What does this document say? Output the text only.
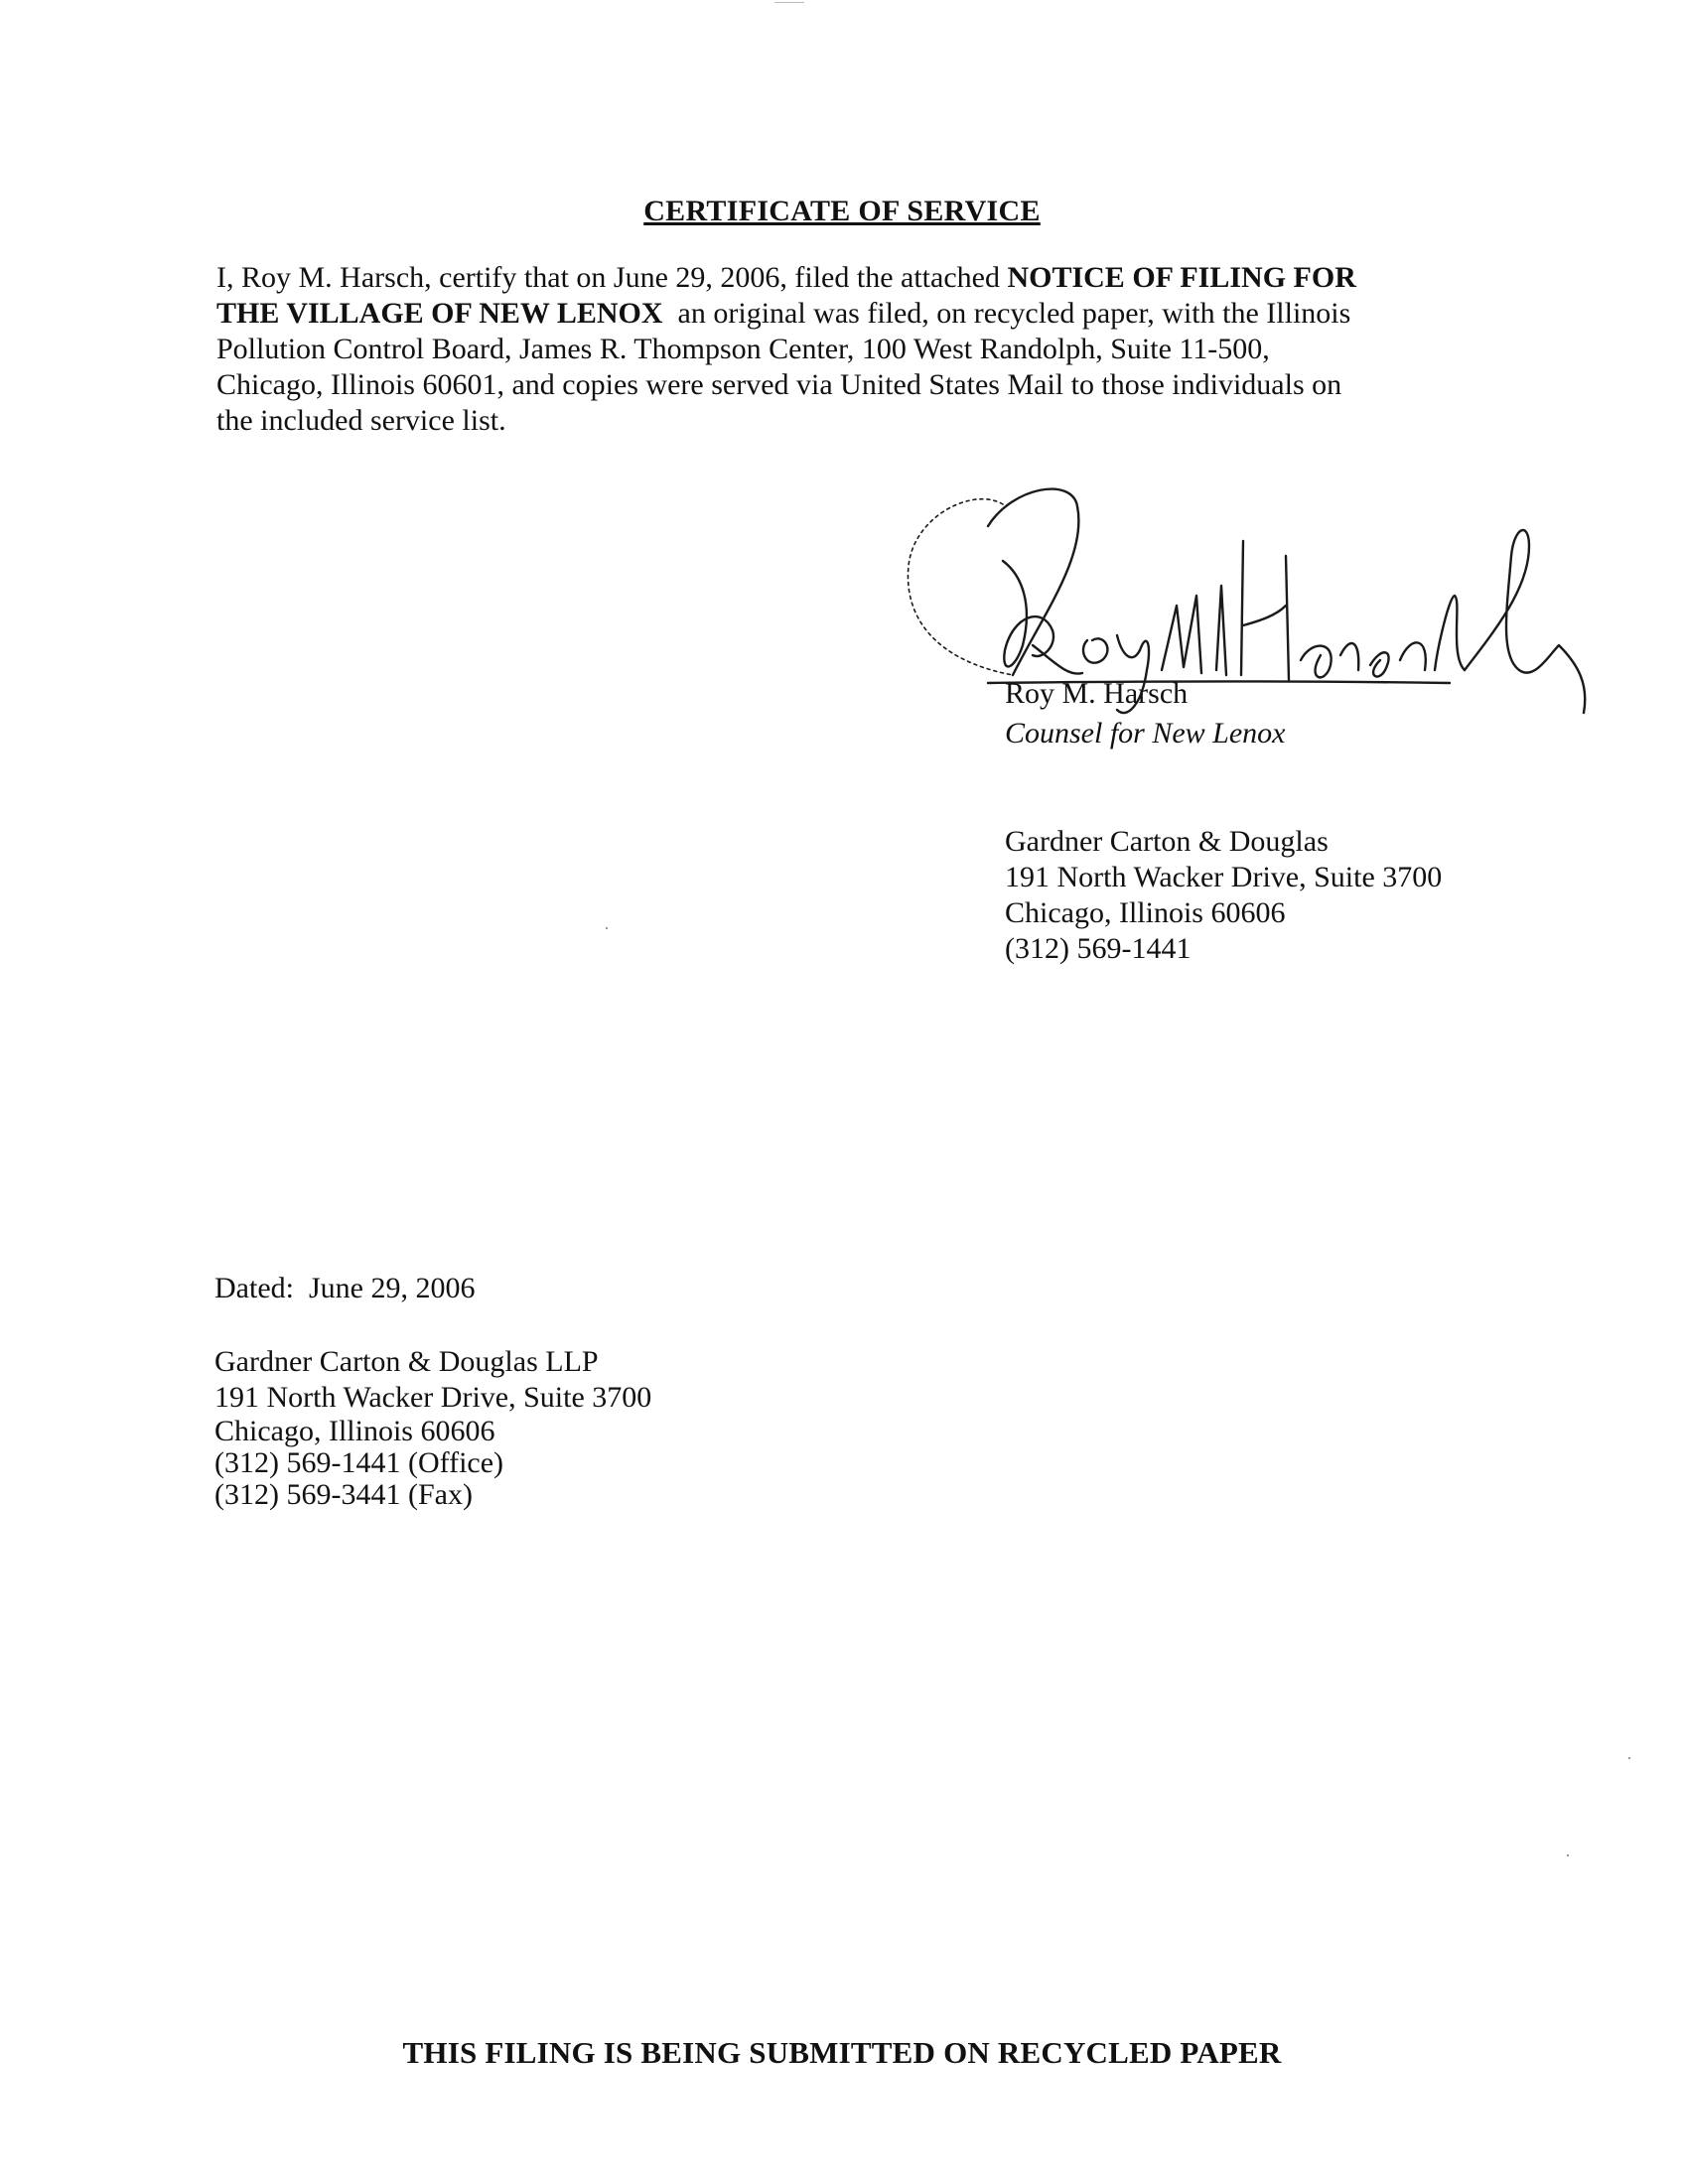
CERTIFICATE OF SERVICE
I, Roy M. Harsch, certify that on June 29, 2006, filed the attached NOTICE OF FILING FOR
THE VILLAGE OF NEW LENOX  an original was filed, on recycled paper, with the Illinois
Pollution Control Board, James R. Thompson Center, 100 West Randolph, Suite 11-500,
Chicago, Illinois 60601, and copies were served via United States Mail to those individuals on
the included service list.
Roy M. Harsch
Counsel for New Lenox
Gardner Carton & Douglas
191 North Wacker Drive, Suite 3700
Chicago, Illinois 60606
(312) 569-1441
Dated:  June 29, 2006
Gardner Carton & Douglas LLP
191 North Wacker Drive, Suite 3700
Chicago, Illinois 60606
(312) 569-1441 (Office)
(312) 569-3441 (Fax)
THIS FILING IS BEING SUBMITTED ON RECYCLED PAPER
